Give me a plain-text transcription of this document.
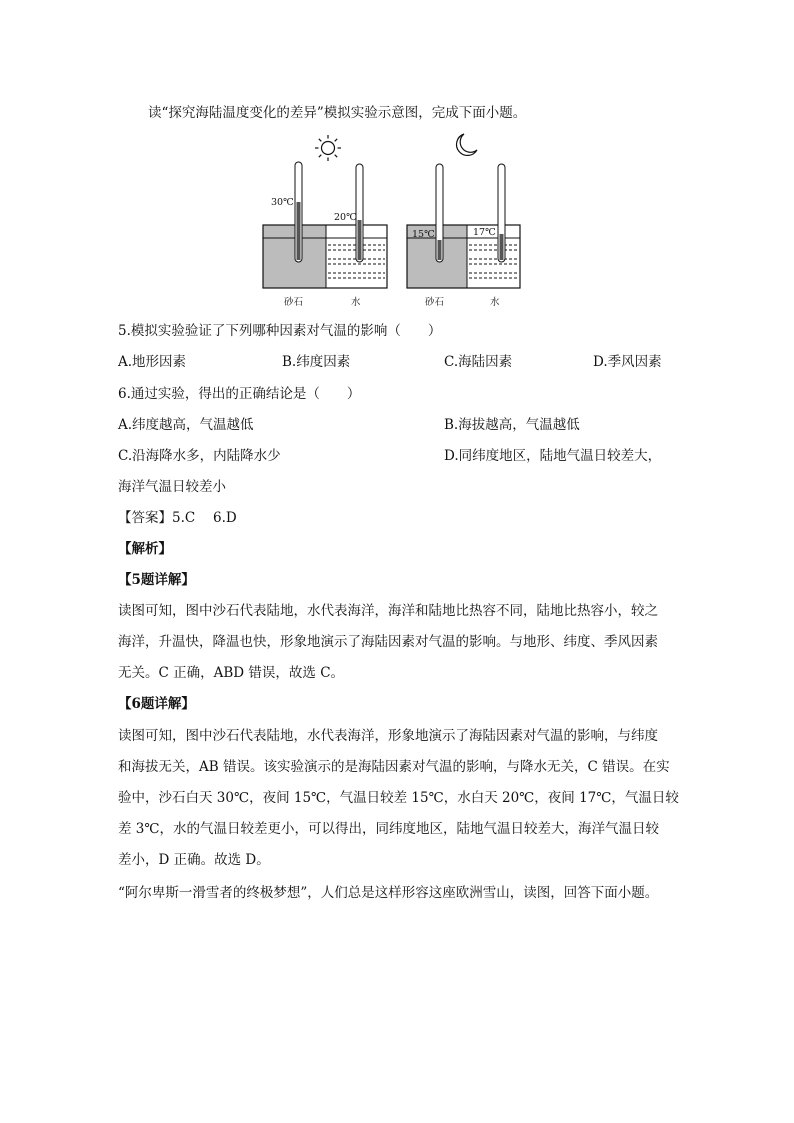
读“探究海陆温度变化的差异”模拟实验示意图，完成下面小题。
30℃
20℃
砂石	水
15℃	17℃
砂石	水
5.模拟实验验证了下列哪种因素对气温的影响（　　）
A.地形因素	B.纬度因素	C.海陆因素	D.季风因素
6.通过实验，得出的正确结论是（　　）
A.纬度越高，气温越低	B.海拔越高，气温越低
C.沿海降水多，内陆降水少	D.同纬度地区，陆地气温日较差大，
海洋气温日较差小
【答案】5.C　 6.D
【解析】
【5题详解】
读图可知，图中沙石代表陆地，水代表海洋，海洋和陆地比热容不同，陆地比热容小，较之
海洋，升温快，降温也快，形象地演示了海陆因素对气温的影响。与地形、纬度、季风因素
无关。C 正确，ABD 错误，故选 C。
【6题详解】
读图可知，图中沙石代表陆地，水代表海洋，形象地演示了海陆因素对气温的影响，与纬度
和海拔无关，AB 错误。该实验演示的是海陆因素对气温的影响，与降水无关，C 错误。在实
验中，沙石白天 30℃，夜间 15℃，气温日较差 15℃，水白天 20℃，夜间 17℃，气温日较
差 3℃，水的气温日较差更小，可以得出，同纬度地区，陆地气温日较差大，海洋气温日较
差小，D 正确。故选 D。
“阿尔卑斯一滑雪者的终极梦想”，人们总是这样形容这座欧洲雪山，读图，回答下面小题。
